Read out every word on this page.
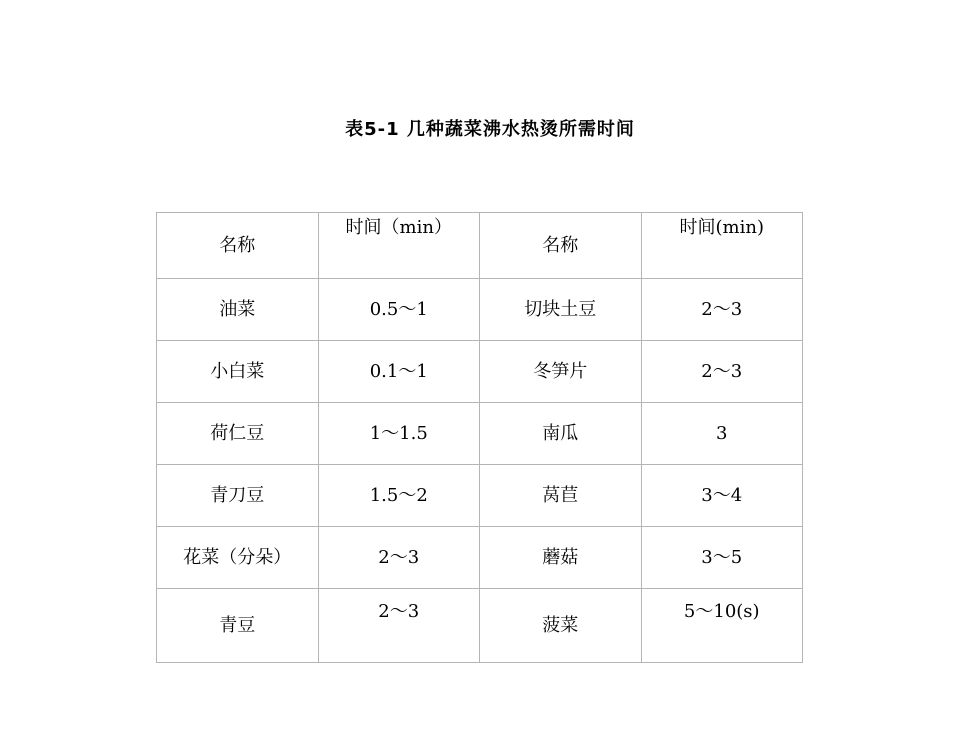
表5-1 几种蔬菜沸水热烫所需时间
名称	时间（min）	名称	时间(min)
油菜	0.5～1	切块土豆	2～3
小白菜	0.1～1	冬笋片	2～3
荷仁豆	1～1.5	南瓜	3
青刀豆	1.5～2	莴苣	3～4
花菜（分朵）	2～3	蘑菇	3～5
青豆	2～3	菠菜	5～10(s)
